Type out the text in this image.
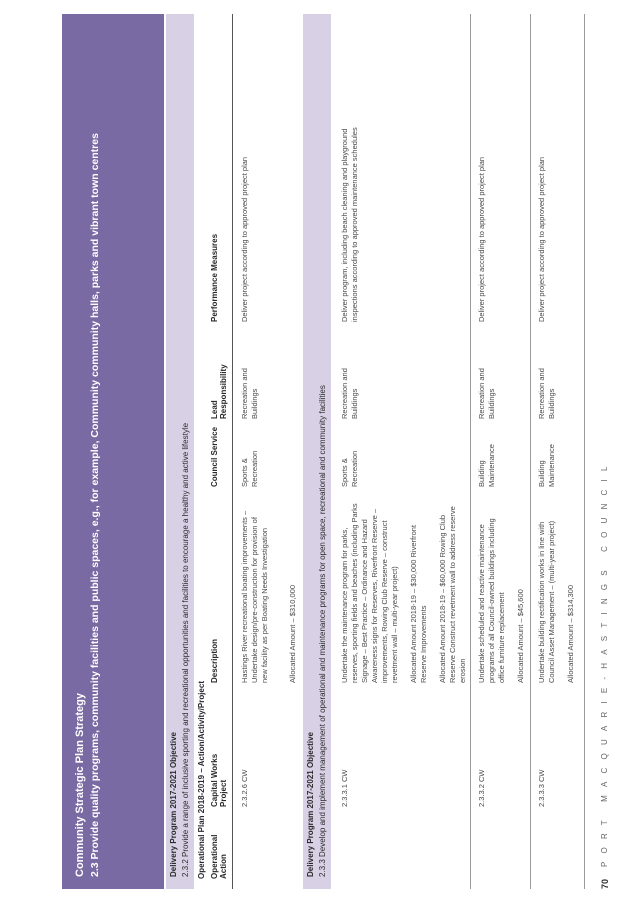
Community Strategic Plan Strategy 2.3 Provide quality programs, community facilities and public spaces, e.g., for example, Community community halls, parks and vibrant town centres	Delivery Program 2017-2021 Objective 2.3.2 Provide a range of inclusive sporting and recreational opportunities and facilities to encourage a healthy and active lifestyle Operational Plan 2018-2019 – Action/Activity/Project Operational Action
Capital Works Project
Description
Council Service
Lead Responsibility
Performance Measures
2.3.2.6 CW

Hastings River recreational boating improvements – Undertake design/pre-construction for provision of new facility as per Boating Needs Investigation	Allocated Amount – $310,000

Sports & Recreation
Recreation and Buildings
Deliver project according to approved project plan
Delivery Program 2017-2021 Objective 2.3.3 Develop and implement management of operational and maintenance programs for open space, recreational and community facilities 2.3.3.1 CW

Undertake the maintenance program for parks, reserves, sporting fields and beaches (including Parks Signage – Best Practice – Ordinance and Hazard Awareness signs for Reserves, Riverfront Reserve – improvements, Rowing Club Reserve – construct revetment wall – multi-year project) Allocated Amount 2018-19 – $30,000 Riverfront Reserve Improvements Allocated Amount 2018-19 – $60,000 Rowing Club Reserve Construct revetment wall to address reserve erosion

Sports & Recreation
Recreation and Buildings
Deliver program, including beach cleaning and playground inspections according to approved maintenance schedules
2.3.3.2 CW

Undertake scheduled and reactive maintenance programs of all Council-owned buildings including office furniture replacement Allocated Amount – $45,600

Building Maintenance
Recreation and Buildings
Deliver project according to approved project plan
2.3.3.3 CW

Undertake building rectification works in line with Council Asset Management – (multi-year project) Allocated Amount – $314,300

Building Maintenance
Recreation and Buildings
Deliver project according to approved project plan
70
PORT MACQUARIE-HASTINGS COUNCIL
